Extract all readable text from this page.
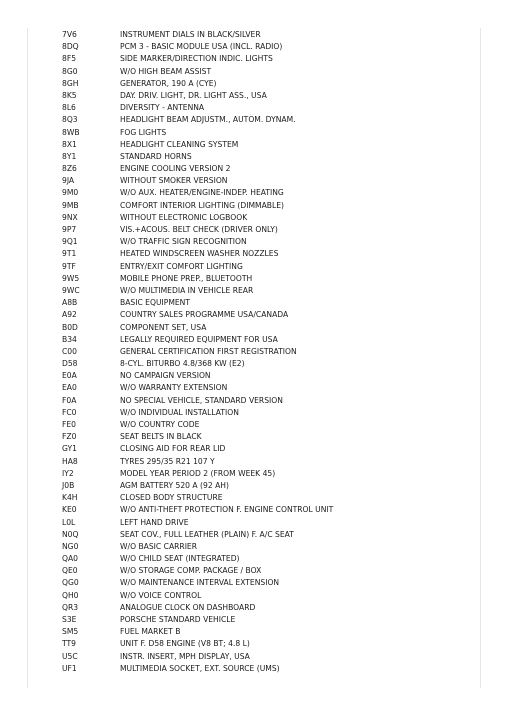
7V6	INSTRUMENT DIALS IN BLACK/SILVER
8DQ	PCM 3 - BASIC MODULE USA (INCL. RADIO)
8F5	SIDE MARKER/DIRECTION INDIC. LIGHTS
8G0	W/O HIGH BEAM ASSIST
8GH	GENERATOR, 190 A (CYE)
8K5	DAY. DRIV. LIGHT, DR. LIGHT ASS., USA
8L6	DIVERSITY - ANTENNA
8Q3	HEADLIGHT BEAM ADJUSTM., AUTOM. DYNAM.
8WB	FOG LIGHTS
8X1	HEADLIGHT CLEANING SYSTEM
8Y1	STANDARD HORNS
8Z6	ENGINE COOLING VERSION 2
9JA	WITHOUT SMOKER VERSION
9M0	W/O AUX. HEATER/ENGINE-INDEP. HEATING
9MB	COMFORT INTERIOR LIGHTING (DIMMABLE)
9NX	WITHOUT ELECTRONIC LOGBOOK
9P7	VIS.+ACOUS. BELT CHECK (DRIVER ONLY)
9Q1	W/O TRAFFIC SIGN RECOGNITION
9T1	HEATED WINDSCREEN WASHER NOZZLES
9TF	ENTRY/EXIT COMFORT LIGHTING
9W5	MOBILE PHONE PREP., BLUETOOTH
9WC	W/O MULTIMEDIA IN VEHICLE REAR
A8B	BASIC EQUIPMENT
A92	COUNTRY SALES PROGRAMME USA/CANADA
B0D	COMPONENT SET, USA
B34	LEGALLY REQUIRED EQUIPMENT FOR USA
C00	GENERAL CERTIFICATION FIRST REGISTRATION
D58	8-CYL. BITURBO 4.8/368 KW (E2)
E0A	NO CAMPAIGN VERSION
EA0	W/O WARRANTY EXTENSION
F0A	NO SPECIAL VEHICLE, STANDARD VERSION
FC0	W/O INDIVIDUAL INSTALLATION
FE0	W/O COUNTRY CODE
FZ0	SEAT BELTS IN BLACK
GY1	CLOSING AID FOR REAR LID
HA8	TYRES 295/35 R21 107 Y
IY2	MODEL YEAR PERIOD 2 (FROM WEEK 45)
J0B	AGM BATTERY 520 A (92 AH)
K4H	CLOSED BODY STRUCTURE
KE0	W/O ANTI-THEFT PROTECTION F. ENGINE CONTROL UNIT
L0L	LEFT HAND DRIVE
N0Q	SEAT COV., FULL LEATHER (PLAIN) F. A/C SEAT
NG0	W/O BASIC CARRIER
QA0	W/O CHILD SEAT (INTEGRATED)
QE0	W/O STORAGE COMP. PACKAGE / BOX
QG0	W/O MAINTENANCE INTERVAL EXTENSION
QH0	W/O VOICE CONTROL
QR3	ANALOGUE CLOCK ON DASHBOARD
S3E	PORSCHE STANDARD VEHICLE
SM5	FUEL MARKET B
TT9	UNIT F. D58 ENGINE (V8 BT; 4.8 L)
U5C	INSTR. INSERT, MPH DISPLAY, USA
UF1	MULTIMEDIA SOCKET, EXT. SOURCE (UMS)
